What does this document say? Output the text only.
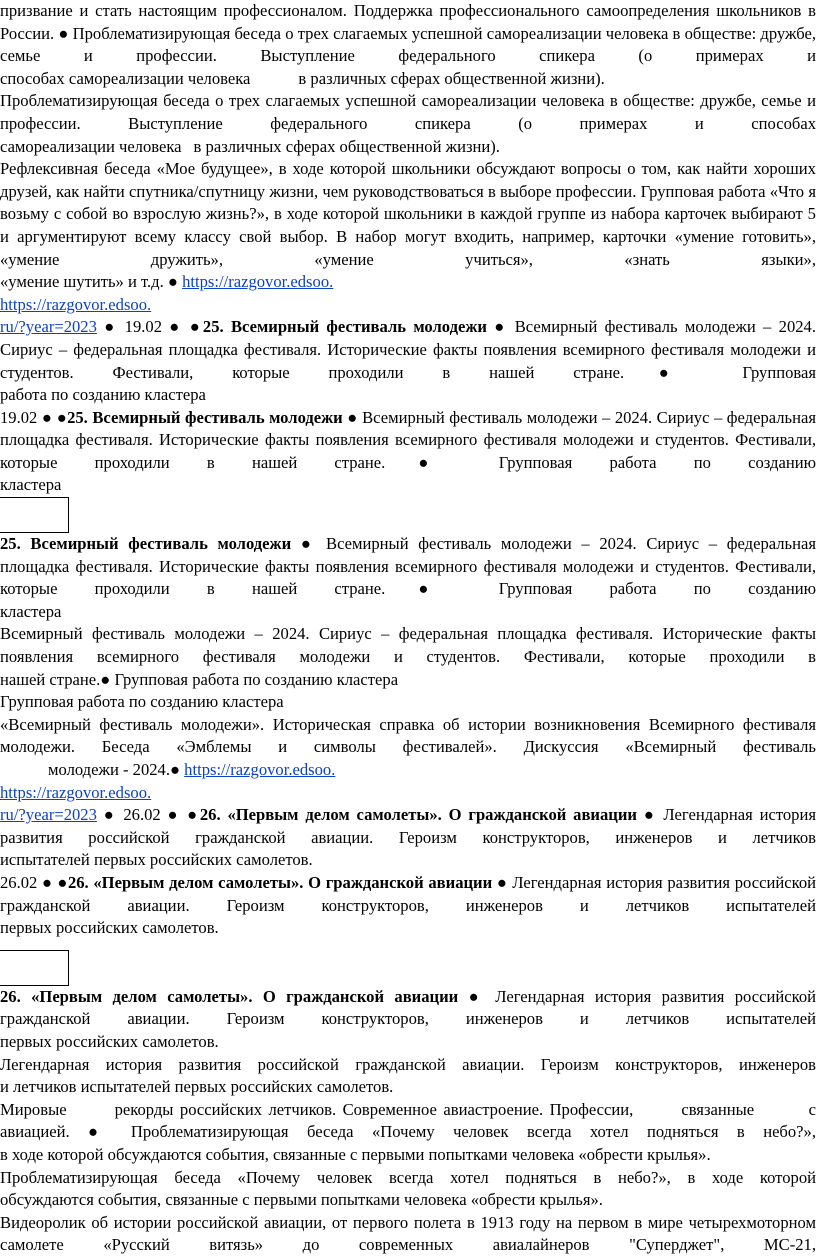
призвание и стать настоящим профессионалом. Поддержка профессионального самоопределения школьников в России. ● Проблематизирующая беседа о трех слагаемых успешной самореализации человека в обществе: дружбе, семье и профессии. Выступление федерального спикера (о примерах и

способах самореализации человека	в различных сферах общественной жизни).

Проблематизирующая беседа о трех слагаемых успешной самореализации человека в обществе: дружбе, семье и профессии. Выступление федерального спикера (о примерах и способах

самореализации человека в различных сферах общественной жизни).

Рефлексивная беседа «Мое будущее», в ходе которой школьники обсуждают вопросы о том, как найти хороших друзей, как найти спутника/спутницу жизни, чем руководствоваться в выборе профессии. Групповая работа «Что я возьму с собой во взрослую жизнь?», в ходе которой школьники в каждой группе из набора карточек выбирают 5 и аргументируют всему классу свой выбор. В набор могут входить, например, карточки «умение готовить», «умение дружить», «умение учиться», «знать языки»,

«умение шутить» и т.д. ● https://razgovor.edsoo.

https://razgovor.edsoo.

ru/?year=2023 ● 19.02 ● ●25. Всемирный фестиваль молодежи ● Всемирный фестиваль молодежи – 2024. Сириус – федеральная площадка фестиваля. Исторические факты появления всемирного фестиваля молодежи и студентов. Фестивали, которые проходили в нашей стране.● Групповая

работа по созданию кластера

19.02 ● ●25. Всемирный фестиваль молодежи ● Всемирный фестиваль молодежи – 2024. Сириус – федеральная площадка фестиваля. Исторические факты появления всемирного фестиваля молодежи и студентов. Фестивали, которые проходили в нашей стране.● Групповая работа по созданию

кластера

25. Всемирный фестиваль молодежи ● Всемирный фестиваль молодежи – 2024. Сириус – федеральная площадка фестиваля. Исторические факты появления всемирного фестиваля молодежи и студентов. Фестивали, которые проходили в нашей стране.● Групповая работа по созданию

кластера

Всемирный фестиваль молодежи – 2024. Сириус – федеральная площадка фестиваля. Исторические факты появления всемирного фестиваля молодежи и студентов. Фестивали, которые проходили в

нашей стране.● Групповая работа по созданию кластера

Групповая работа по созданию кластера

«Всемирный фестиваль молодежи». Историческая справка об истории возникновения Всемирного фестиваля молодежи. Беседа «Эмблемы и символы фестивалей». Дискуссия «Всемирный фестиваль

молодежи - 2024.● https://razgovor.edsoo.

https://razgovor.edsoo.

ru/?year=2023 ● 26.02 ● ●26. «Первым делом самолеты». О гражданской авиации ● Легендарная история развития российской гражданской авиации. Героизм конструкторов, инженеров и летчиков

испытателей первых российских самолетов.

26.02 ● ●26. «Первым делом самолеты». О гражданской авиации ● Легендарная история развития российской гражданской авиации. Героизм конструкторов, инженеров и летчиков испытателей

первых российских самолетов.

26. «Первым делом самолеты». О гражданской авиации ● Легендарная история развития российской гражданской авиации. Героизм конструкторов, инженеров и летчиков испытателей

первых российских самолетов.

Легендарная история развития российской гражданской авиации. Героизм конструкторов, инженеров

и летчиков испытателей первых российских самолетов.

Мировые	рекорды российских летчиков. Современное авиастроение. Профессии,	связанные	с авиацией. ● Проблематизирующая беседа «Почему человек всегда хотел подняться в небо?»,

в ходе которой обсуждаются события, связанные с первыми попытками человека «обрести крылья».

Проблематизирующая беседа «Почему человек всегда хотел подняться в небо?», в ходе которой

обсуждаются события, связанные с первыми попытками человека «обрести крылья».

Видеоролик об истории российской авиации, от первого полета в 1913 году на первом в мире четырехмоторном самолете «Русский витязь» до современных авиалайнеров "Суперджет", МС-21,
